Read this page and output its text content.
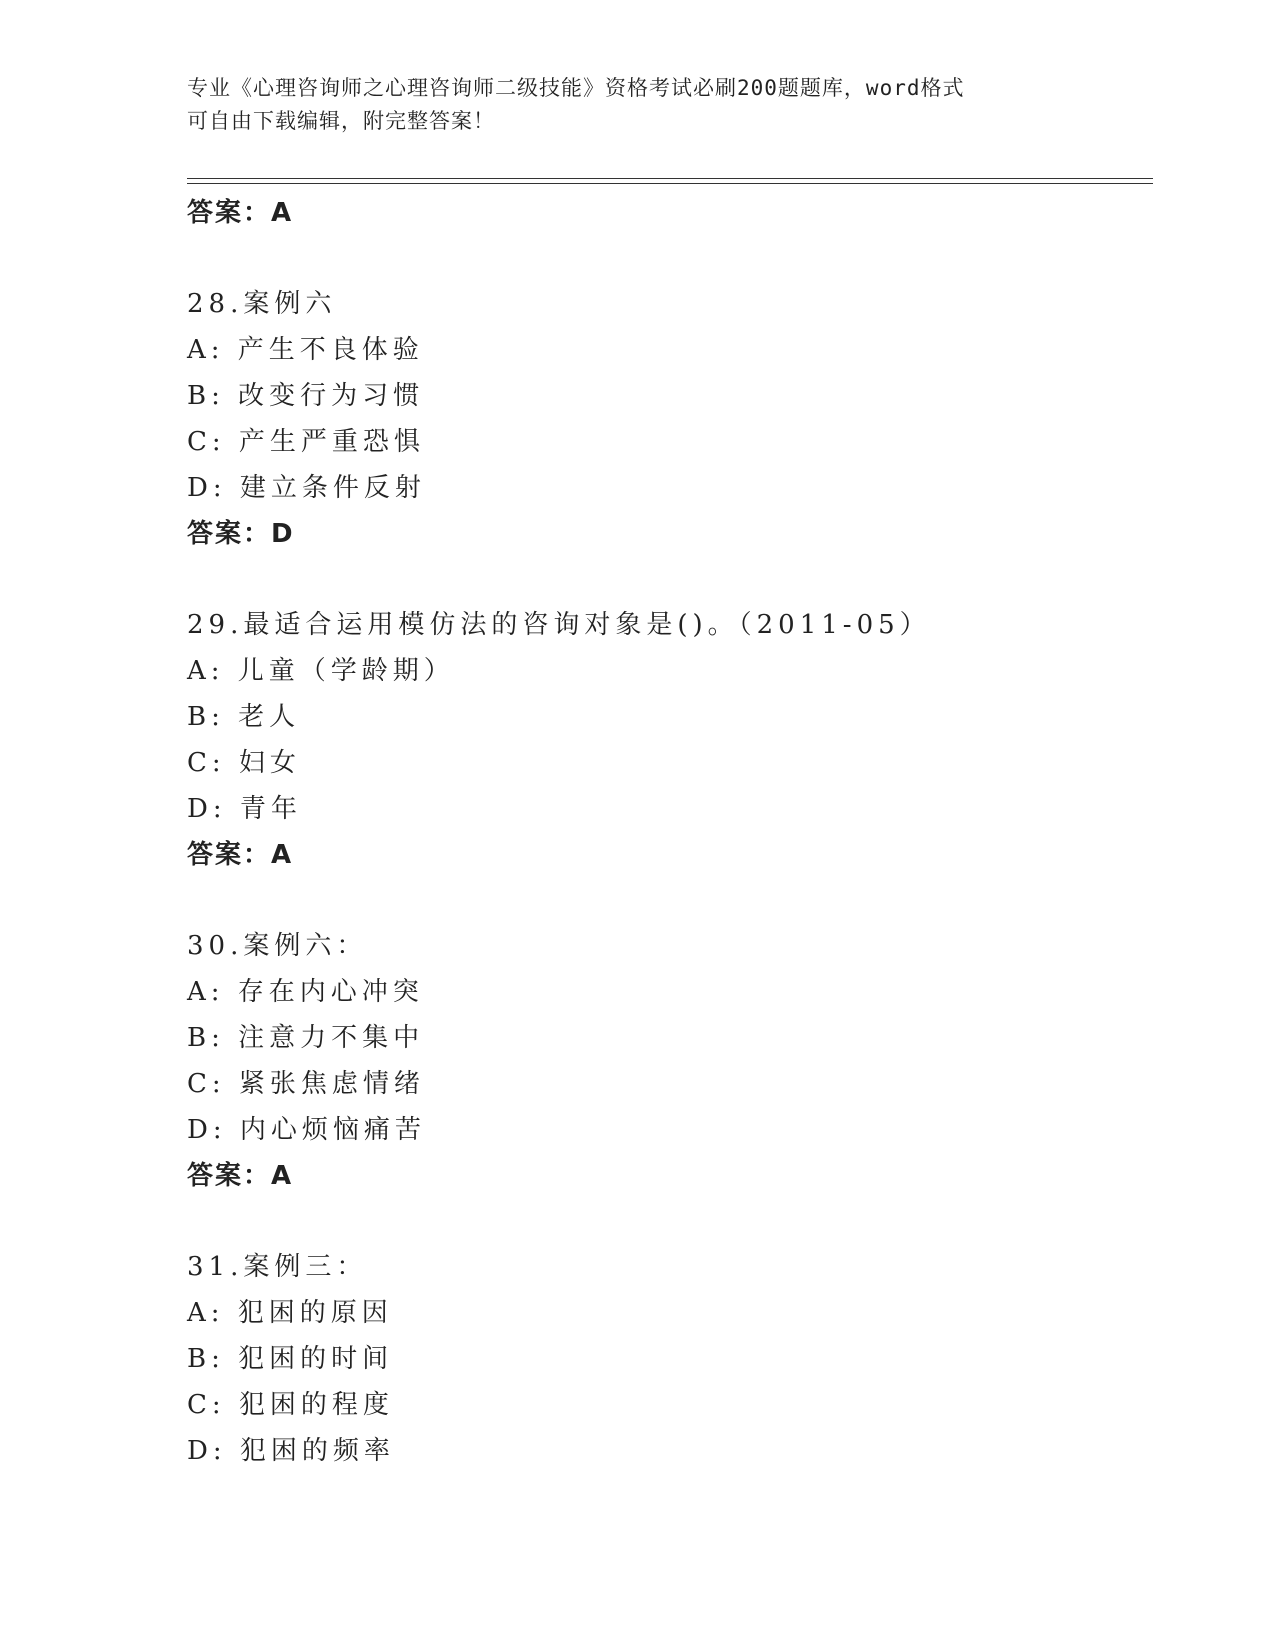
专业《心理咨询师之心理咨询师二级技能》资格考试必刷200题题库，word格式
可自由下载编辑，附完整答案！
答案：A
28.案例六
A: 产生不良体验
B: 改变行为习惯
C: 产生严重恐惧
D: 建立条件反射
答案：D
29.最适合运用模仿法的咨询对象是()。（2011-05）
A: 儿童（学龄期）
B: 老人
C: 妇女
D: 青年
答案：A
30.案例六：
A: 存在内心冲突
B: 注意力不集中
C: 紧张焦虑情绪
D: 内心烦恼痛苦
答案：A
31.案例三：
A: 犯困的原因
B: 犯困的时间
C: 犯困的程度
D: 犯困的频率
